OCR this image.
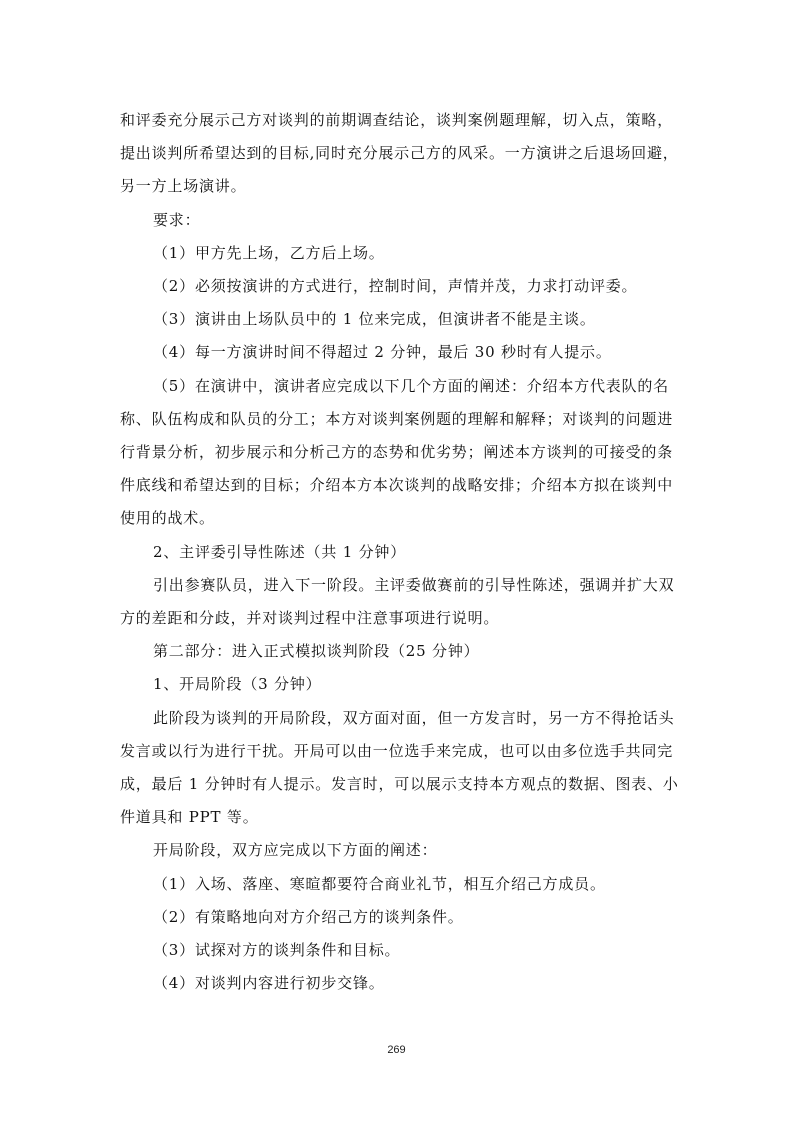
和评委充分展示己方对谈判的前期调查结论，谈判案例题理解，切入点，策略，
提出谈判所希望达到的目标,同时充分展示己方的风采。一方演讲之后退场回避，
另一方上场演讲。

要求：

（1）甲方先上场，乙方后上场。

（2）必须按演讲的方式进行，控制时间，声情并茂，力求打动评委。

（3）演讲由上场队员中的 1 位来完成，但演讲者不能是主谈。

（4）每一方演讲时间不得超过 2 分钟，最后 30 秒时有人提示。

（5）在演讲中，演讲者应完成以下几个方面的阐述：介绍本方代表队的名
称、队伍构成和队员的分工；本方对谈判案例题的理解和解释；对谈判的问题进
行背景分析，初步展示和分析己方的态势和优劣势；阐述本方谈判的可接受的条
件底线和希望达到的目标；介绍本方本次谈判的战略安排；介绍本方拟在谈判中
使用的战术。

2、主评委引导性陈述（共 1 分钟）

引出参赛队员，进入下一阶段。主评委做赛前的引导性陈述，强调并扩大双
方的差距和分歧，并对谈判过程中注意事项进行说明。

第二部分：进入正式模拟谈判阶段（25 分钟）

1、开局阶段（3 分钟）

此阶段为谈判的开局阶段，双方面对面，但一方发言时，另一方不得抢话头
发言或以行为进行干扰。开局可以由一位选手来完成，也可以由多位选手共同完
成，最后 1 分钟时有人提示。发言时，可以展示支持本方观点的数据、图表、小
件道具和 PPT 等。

开局阶段，双方应完成以下方面的阐述：

（1）入场、落座、寒暄都要符合商业礼节，相互介绍己方成员。

（2）有策略地向对方介绍己方的谈判条件。

（3）试探对方的谈判条件和目标。

（4）对谈判内容进行初步交锋。

269
